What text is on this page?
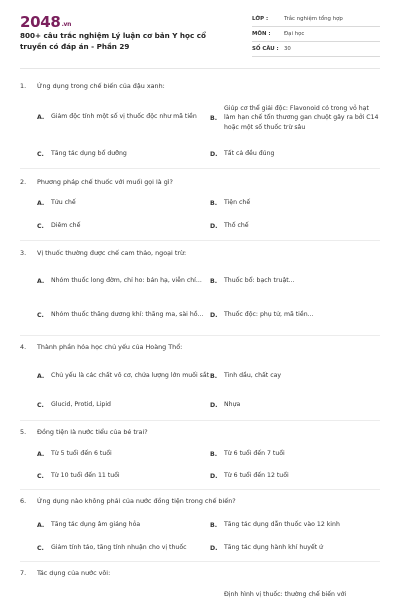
2048.vn
800+ câu trắc nghiệm Lý luận cơ bản Y học cổ truyền có đáp án - Phần 29
LỚP :	Trắc nghiệm tổng hợp
MÔN :	Đại học
SỐ CÂU : 30
1.	Ứng dụng trong chế biến của đậu xanh:
A.	Giảm độc tính một số vị thuốc độc như mã tiền	B.
Giúp cơ thể giải độc: Flavonoid có trong vỏ hạt làm hạn chế tổn thương gan chuột gây ra bởi C14 hoặc một số thuốc trừ sâu
C.	Tăng tác dụng bổ dưỡng	D.	Tất cả đều đúng
2.	Phương pháp chế thuốc với muối gọi là gì?
A.	Tửu chế	B.	Tiện chế
C.	Diêm chế	D.	Thố chế
3.	Vị thuốc thường được chế cam thảo, ngoại trừ:
A.	Nhóm thuốc long đờm, chỉ ho: bán hạ, viễn chí...	B.	Thuốc bổ: bạch truật...
C.	Nhóm thuốc thăng dương khí: thăng ma, sài hồ...	D.	Thuốc độc: phụ tử, mã tiền...
4.	Thành phần hóa học chủ yếu của Hoàng Thổ:
A.	Chủ yếu là các chất vô cơ, chứa lượng lớn muối sắt B.	Tinh dầu, chất cay
C.	Glucid, Protid, Lipid	D.	Nhựa
5.	Đồng tiện là nước tiểu của bé trai?
A.	Từ 5 tuổi đến 6 tuổi	B.	Từ 6 tuổi đến 7 tuổi
C.	Từ 10 tuổi đến 11 tuổi	D.	Từ 6 tuổi đến 12 tuổi
6.	Ứng dụng nào không phải của nước đồng tiện trong chế biến?
A.	Tăng tác dụng âm giáng hỏa	B.	Tăng tác dụng dẫn thuốc vào 12 kinh
C.	Giảm tính táo, tăng tính nhuận cho vị thuốc	D.	Tăng tác dụng hành khí huyết ứ
7.	Tác dụng của nước vôi:
Định hình vị thuốc: thường chế biến với
